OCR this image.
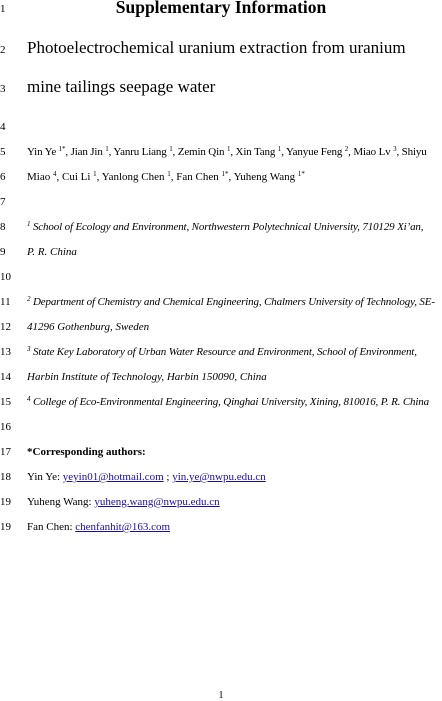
1
2
3
4
5
6
7
8
9
10
11
12
13
14
15
16
17
18
19
Supplementary Information
Photoelectrochemical uranium extraction from uranium
mine tailings seepage water
Yin Ye $^{1*}$, Jian Jin $^1$, Yanru Liang $^1$, Zemin Qin $^1$, Xin Tang $^1$, Yanyue Feng $^2$, Miao Lv $^3$, Shiyu
Miao $^4$, Cui Li $^1$, Yanlong Chen $^1$, Fan Chen $^{1*}$, Yuheng Wang $^{1*}$
$^1$ School of Ecology and Environment, Northwestern Polytechnical University, 710129 Xi’an,
P. R. China
$^2$ Department of Chemistry and Chemical Engineering, Chalmers University of Technology, SE-
41296 Gothenburg, Sweden
$^3$ State Key Laboratory of Urban Water Resource and Environment, School of Environment,
Harbin Institute of Technology, Harbin 150090, China
$^4$ College of Eco-Environmental Engineering, Qinghai University, Xining, 810016, P. R. China
*Corresponding authors:
Yin Ye: yeyin01@hotmail.com ; yin.ye@nwpu.edu.cn
Yuheng Wang: yuheng.wang@nwpu.edu.cn
Fan Chen: chenfanhit@163.com
19
1
